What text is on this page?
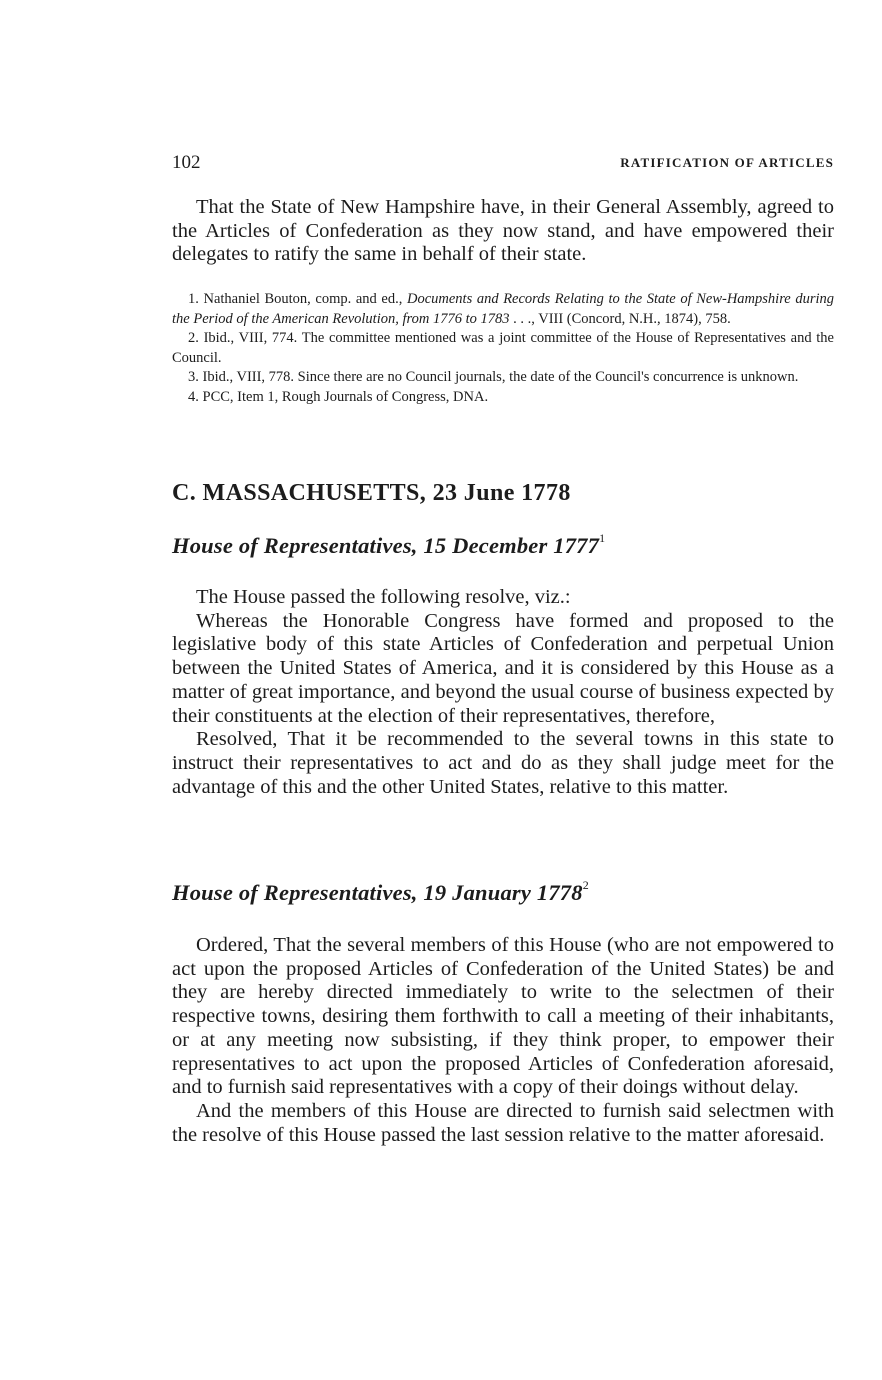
102	RATIFICATION OF ARTICLES

That the State of New Hampshire have, in their General Assembly, agreed to the Articles of Confederation as they now stand, and have empowered their delegates to ratify the same in behalf of their state.

1. Nathaniel Bouton, comp. and ed., Documents and Records Relating to the State of New-Hampshire during the Period of the American Revolution, from 1776 to 1783 . . ., VIII (Concord, N.H., 1874), 758.

2. Ibid., VIII, 774. The committee mentioned was a joint committee of the House of Representatives and the Council.

3. Ibid., VIII, 778. Since there are no Council journals, the date of the Council's concurrence is unknown.

4. PCC, Item 1, Rough Journals of Congress, DNA.

C. MASSACHUSETTS, 23 June 1778
House of Representatives, 15 December 1777$^1$

The House passed the following resolve, viz.:

Whereas the Honorable Congress have formed and proposed to the legislative body of this state Articles of Confederation and perpetual Union between the United States of America, and it is considered by this House as a matter of great importance, and beyond the usual course of business expected by their constituents at the election of their representatives, therefore,

Resolved, That it be recommended to the several towns in this state to instruct their representatives to act and do as they shall judge meet for the advantage of this and the other United States, relative to this matter.

House of Representatives, 19 January 1778$^2$

Ordered, That the several members of this House (who are not empowered to act upon the proposed Articles of Confederation of the United States) be and they are hereby directed immediately to write to the selectmen of their respective towns, desiring them forthwith to call a meeting of their inhabitants, or at any meeting now subsisting, if they think proper, to empower their representatives to act upon the proposed Articles of Confederation aforesaid, and to furnish said representatives with a copy of their doings without delay.

And the members of this House are directed to furnish said selectmen with the resolve of this House passed the last session relative to the matter aforesaid.
